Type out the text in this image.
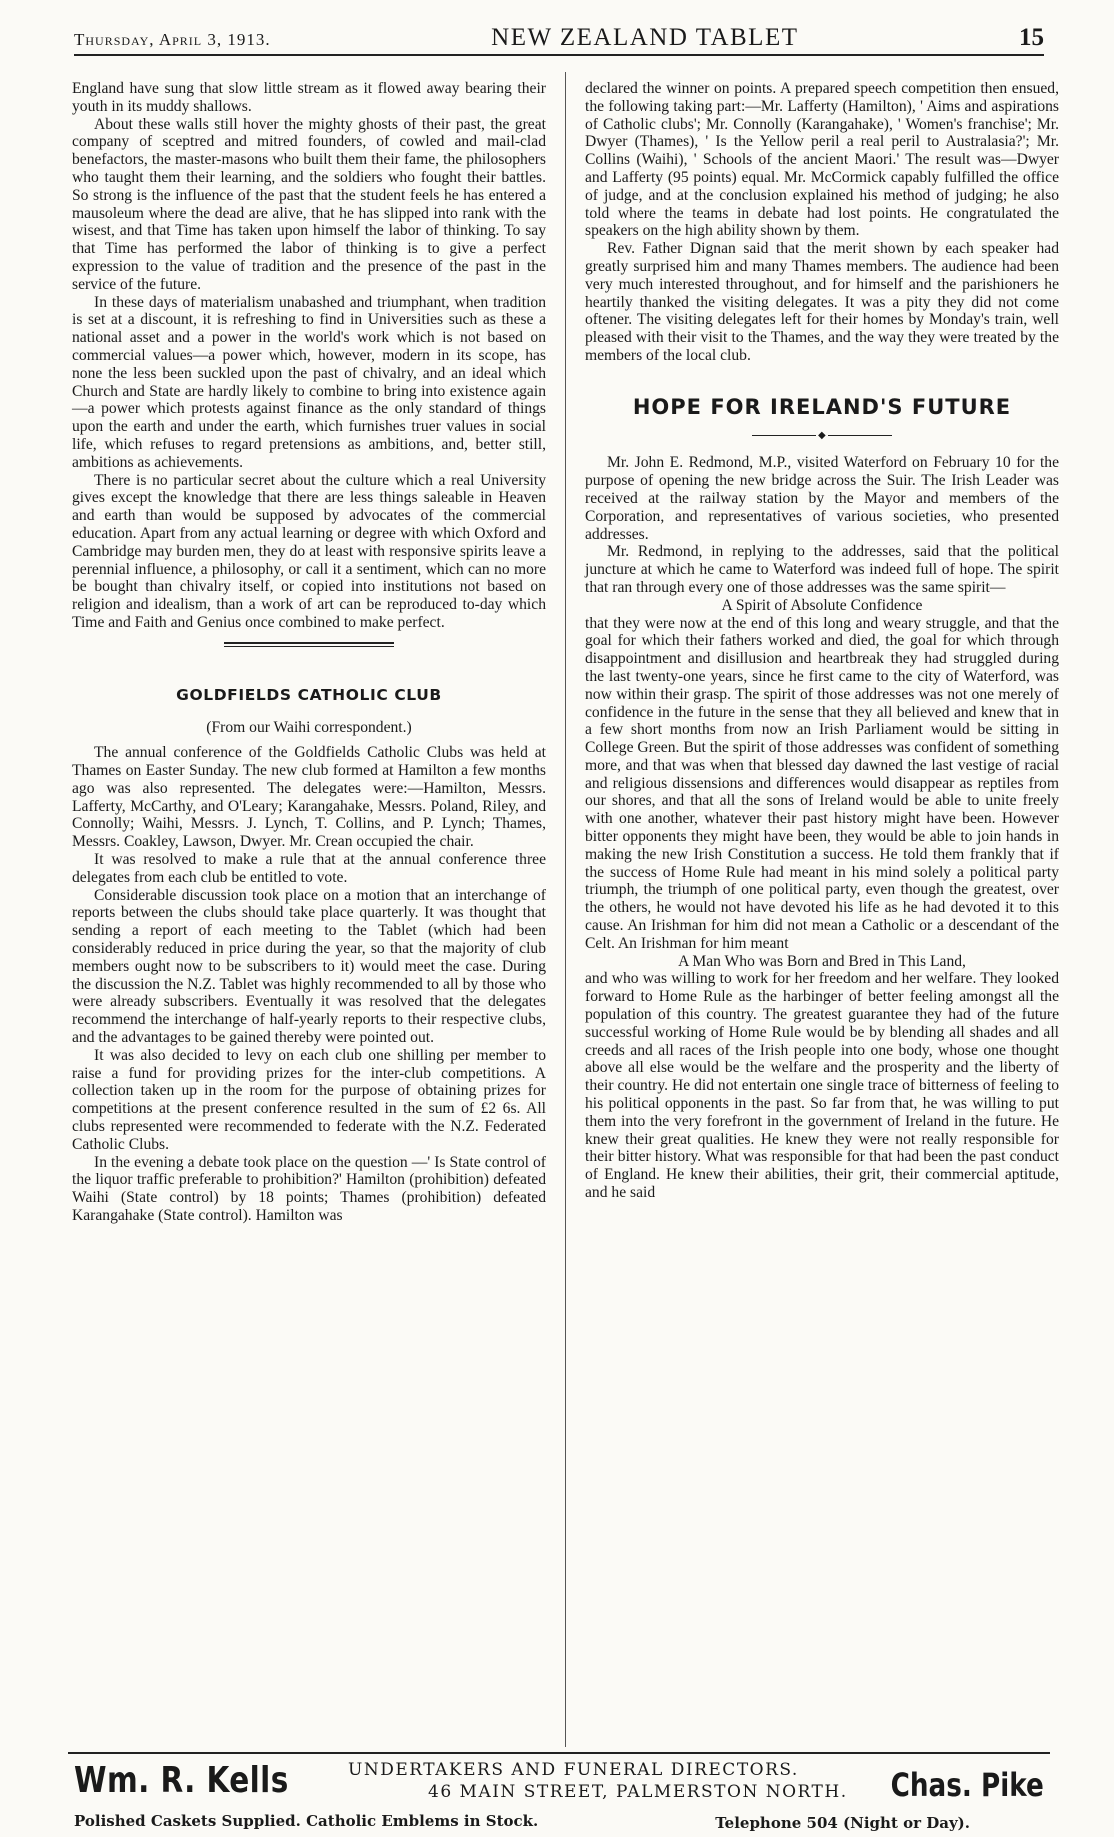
Thursday, April 3, 1913.	NEW ZEALAND TABLET	15

England have sung that slow little stream as it flowed away bearing their youth in its muddy shallows.

About these walls still hover the mighty ghosts of their past, the great company of sceptred and mitred founders, of cowled and mail-clad benefactors, the master-masons who built them their fame, the philosophers who taught them their learning, and the soldiers who fought their battles. So strong is the influence of the past that the student feels he has entered a mausoleum where the dead are alive, that he has slipped into rank with the wisest, and that Time has taken upon himself the labor of thinking. To say that Time has performed the labor of thinking is to give a perfect expression to the value of tradition and the presence of the past in the service of the future.

In these days of materialism unabashed and triumphant, when tradition is set at a discount, it is refreshing to find in Universities such as these a national asset and a power in the world's work which is not based on commercial values—a power which, however, modern in its scope, has none the less been suckled upon the past of chivalry, and an ideal which Church and State are hardly likely to combine to bring into existence again—a power which protests against finance as the only standard of things upon the earth and under the earth, which furnishes truer values in social life, which refuses to regard pretensions as ambitions, and, better still, ambitions as achievements.

There is no particular secret about the culture which a real University gives except the knowledge that there are less things saleable in Heaven and earth than would be supposed by advocates of the commercial education. Apart from any actual learning or degree with which Oxford and Cambridge may burden men, they do at least with responsive spirits leave a perennial influence, a philosophy, or call it a sentiment, which can no more be bought than chivalry itself, or copied into institutions not based on religion and idealism, than a work of art can be reproduced to-day which Time and Faith and Genius once combined to make perfect.

GOLDFIELDS CATHOLIC CLUB
(From our Waihi correspondent.)

The annual conference of the Goldfields Catholic Clubs was held at Thames on Easter Sunday. The new club formed at Hamilton a few months ago was also represented. The delegates were:—Hamilton, Messrs. Lafferty, McCarthy, and O'Leary; Karangahake, Messrs. Poland, Riley, and Connolly; Waihi, Messrs. J. Lynch, T. Collins, and P. Lynch; Thames, Messrs. Coakley, Lawson, Dwyer. Mr. Crean occupied the chair.

It was resolved to make a rule that at the annual conference three delegates from each club be entitled to vote.

Considerable discussion took place on a motion that an interchange of reports between the clubs should take place quarterly. It was thought that sending a report of each meeting to the Tablet (which had been considerably reduced in price during the year, so that the majority of club members ought now to be subscribers to it) would meet the case. During the discussion the N.Z. Tablet was highly recommended to all by those who were already subscribers. Eventually it was resolved that the delegates recommend the interchange of half-yearly reports to their respective clubs, and the advantages to be gained thereby were pointed out.

It was also decided to levy on each club one shilling per member to raise a fund for providing prizes for the inter-club competitions. A collection taken up in the room for the purpose of obtaining prizes for competitions at the present conference resulted in the sum of £2 6s. All clubs represented were recommended to federate with the N.Z. Federated Catholic Clubs.

In the evening a debate took place on the question —' Is State control of the liquor traffic preferable to prohibition?' Hamilton (prohibition) defeated Waihi (State control) by 18 points; Thames (prohibition) defeated Karangahake (State control). Hamilton was

declared the winner on points. A prepared speech competition then ensued, the following taking part:—Mr. Lafferty (Hamilton), ' Aims and aspirations of Catholic clubs'; Mr. Connolly (Karangahake), ' Women's franchise'; Mr. Dwyer (Thames), ' Is the Yellow peril a real peril to Australasia?'; Mr. Collins (Waihi), ' Schools of the ancient Maori.' The result was—Dwyer and Lafferty (95 points) equal. Mr. McCormick capably fulfilled the office of judge, and at the conclusion explained his method of judging; he also told where the teams in debate had lost points. He congratulated the speakers on the high ability shown by them.

Rev. Father Dignan said that the merit shown by each speaker had greatly surprised him and many Thames members. The audience had been very much interested throughout, and for himself and the parishioners he heartily thanked the visiting delegates. It was a pity they did not come oftener. The visiting delegates left for their homes by Monday's train, well pleased with their visit to the Thames, and the way they were treated by the members of the local club.

HOPE FOR IRELAND'S FUTURE
◆

Mr. John E. Redmond, M.P., visited Waterford on February 10 for the purpose of opening the new bridge across the Suir. The Irish Leader was received at the railway station by the Mayor and members of the Corporation, and representatives of various societies, who presented addresses.

Mr. Redmond, in replying to the addresses, said that the political juncture at which he came to Waterford was indeed full of hope. The spirit that ran through every one of those addresses was the same spirit—

A Spirit of Absolute Confidence

that they were now at the end of this long and weary struggle, and that the goal for which their fathers worked and died, the goal for which through disappointment and disillusion and heartbreak they had struggled during the last twenty-one years, since he first came to the city of Waterford, was now within their grasp. The spirit of those addresses was not one merely of confidence in the future in the sense that they all believed and knew that in a few short months from now an Irish Parliament would be sitting in College Green. But the spirit of those addresses was confident of something more, and that was when that blessed day dawned the last vestige of racial and religious dissensions and differences would disappear as reptiles from our shores, and that all the sons of Ireland would be able to unite freely with one another, whatever their past history might have been. However bitter opponents they might have been, they would be able to join hands in making the new Irish Constitution a success. He told them frankly that if the success of Home Rule had meant in his mind solely a political party triumph, the triumph of one political party, even though the greatest, over the others, he would not have devoted his life as he had devoted it to this cause. An Irishman for him did not mean a Catholic or a descendant of the Celt. An Irishman for him meant

A Man Who was Born and Bred in This Land,

and who was willing to work for her freedom and her welfare. They looked forward to Home Rule as the harbinger of better feeling amongst all the population of this country. The greatest guarantee they had of the future successful working of Home Rule would be by blending all shades and all creeds and all races of the Irish people into one body, whose one thought above all else would be the welfare and the prosperity and the liberty of their country. He did not entertain one single trace of bitterness of feeling to his political opponents in the past. So far from that, he was willing to put them into the very forefront in the government of Ireland in the future. He knew their great qualities. He knew they were not really responsible for their bitter history. What was responsible for that had been the past conduct of England. He knew their abilities, their grit, their commercial aptitude, and he said

Wm. R. Kells	UNDERTAKERS AND FUNERAL DIRECTORS.
46 MAIN STREET, PALMERSTON NORTH. Chas. Pike
Polished Caskets Supplied. Catholic Emblems in Stock.	Telephone 504 (Night or Day).
